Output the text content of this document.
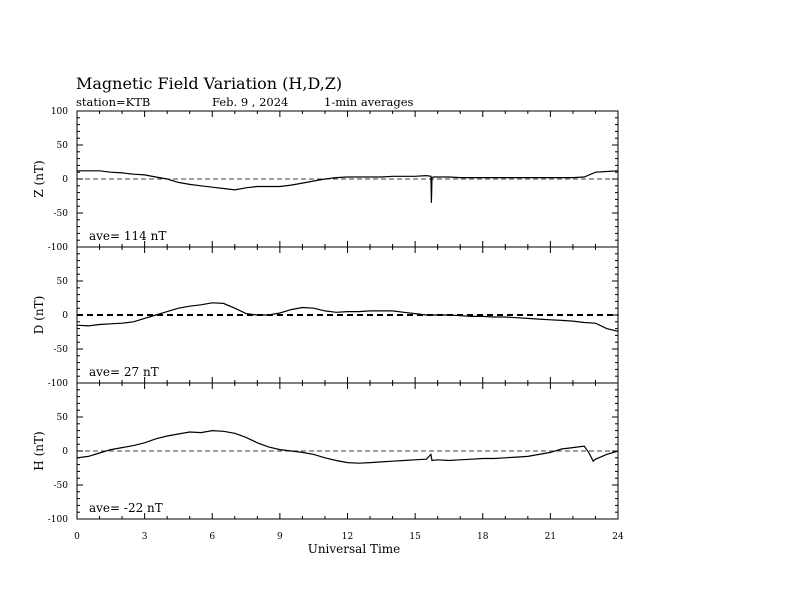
Magnetic Field Variation (H,D,Z)
station=KTB	Feb. 9 , 2024	1-min averages
100
50
0
-50
-100
Z (nT)
ave= 114 nT
50
0
-50
-100
D (nT)
ave= 27 nT
50
0
-50
-100
H (nT)
ave= -22 nT
0	3	6	9	12	15	18	21	24
Universal Time
